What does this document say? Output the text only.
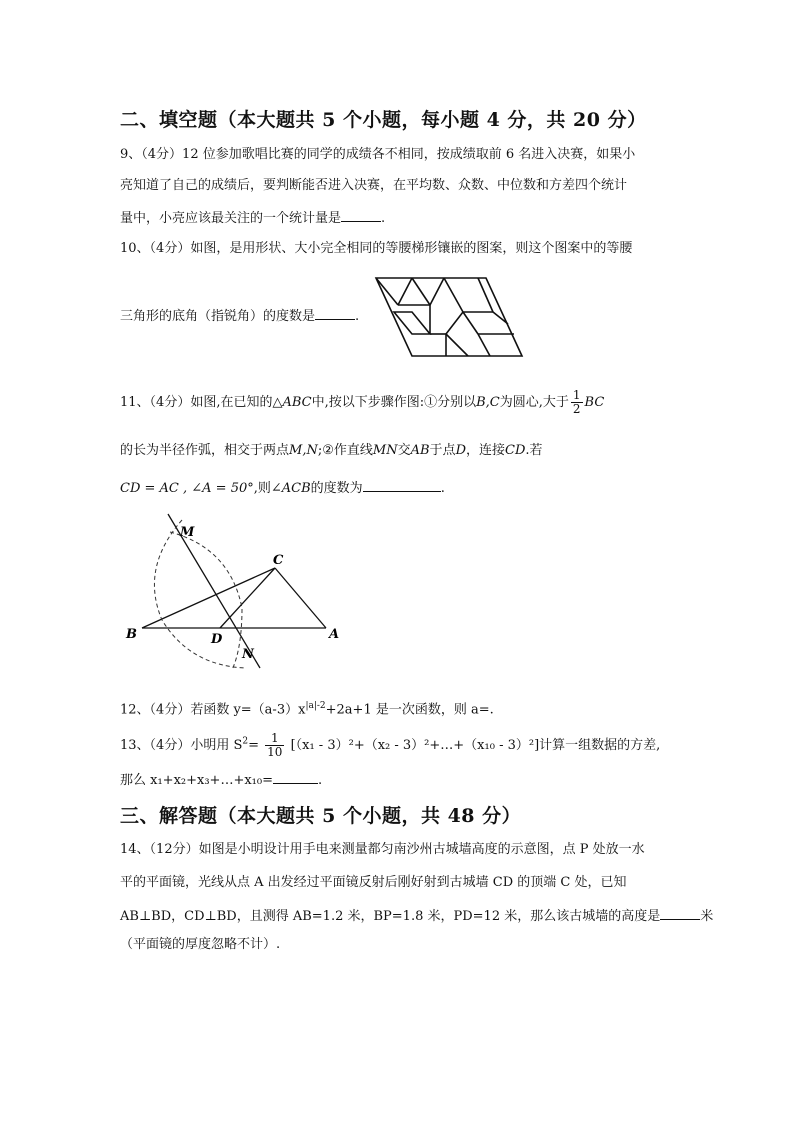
二、填空题（本大题共 5 个小题，每小题 4 分，共 20 分）
9、（4分）12 位参加歌唱比赛的同学的成绩各不相同，按成绩取前 6 名进入决赛，如果小
亮知道了自己的成绩后，要判断能否进入决赛，在平均数、众数、中位数和方差四个统计
量中，小亮应该最关注的一个统计量是	.
10、（4分）如图，是用形状、大小完全相同的等腰梯形镶嵌的图案，则这个图案中的等腰
三角形的底角（指锐角）的度数是	.
11、（4分）如图,在已知的△ABC中,按以下步骤作图:①分别以B,C为圆心,大于 $\frac{1}{2}$ BC
的长为半径作弧，相交于两点M,N;②作直线MN交AB于点D，连接CD.若
CD = AC , ∠A = 50°,则∠ACB的度数为	.
M
C
B	D	A
N
12、（4分）若函数 $y=(a-3)x^{|a|-2}+2a+1$ 是一次函数，则 a=.
13、（4分）小明用 $S^2= \frac{1}{10} [(x_1 - 3)^2+(x_2$ - 3）²+…+（x₁₀ - 3）²]计算一组数据的方差,
那么 x₁+x₂+x₃+…+x₁₀=	.
三、解答题（本大题共 5 个小题，共 48 分）
14、（12分）如图是小明设计用手电来测量都匀南沙州古城墙高度的示意图，点 P 处放一水
平的平面镜，光线从点 A 出发经过平面镜反射后刚好射到古城墙 CD 的顶端 C 处，已知
AB⊥BD，CD⊥BD，且测得 AB=1.2 米，BP=1.8 米，PD=12 米，那么该古城墙的高度是	米
（平面镜的厚度忽略不计）.
